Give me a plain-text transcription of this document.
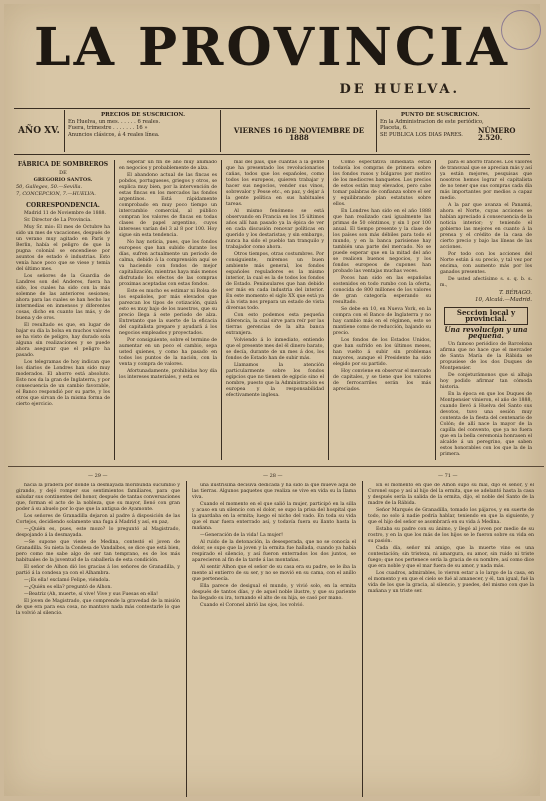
LA PROVINCIA
DE HUELVA.
AÑO XV.
PRECIOS DE SUSCRICION.
En Huelva, un mes. . . . . . 6 reales.
Fuera, trimestre . . . . . . . 16 »
Anuncios clásicos, á 4 reales línea.	VIERNES 16 DE NOVIEMBRE DE 1888
PUNTO DE SUSCRICION.
En la Administracion de este periódico,
Placeta, 6.
SE PUBLICA LOS DIAS PARES.	NÚMERO 2.520.

FÁBRICA DE SOMBREROS

DE

GREGORIO SANTOS.

50, Galleges, 50.—Sevilla.

7, CONCEPCION, 7.—HUELVA.

CORRESPONDENCIA.

Madrid 11 de Noviembre de 1888.

Sr. Director de La Provincia.

Muy Sr. mio: El mes de Octubre ha sido un mes de vacaciones, después de un verano muy agitado en París y Berlin, había el peligro de que la pugna colonial se encendiese por asuntos de estado é industrias. Esto venía hace poco que se viese y temía del último mes.

Los señores de la Guardia de Landres son del Anderes, fuera ha sido, los cuales ha sido con la más solemne de las anteriores sesiones; ahora para las cuales se han hecho las intermedias en inmensos y diferentes cosas, dicho en cuanto las más, y de buena y de oros.

El resultado es que, en lugar de bajar su día la bolsa en muchos valores se ha visto de peligro, hay durado sola alguna sin realizaciones y se puede ahora asegurar que el peligro ha pasado.

Los telegramas de hoy indican que los diarios de Londres han sido muy moderados. El ahorro está absoluto. Esto nos da la gran de Inglaterra, y por consecuencia de un cambio favorable, el Banco respondió por su parte, y los otros que sirvan de la misma forma de cierto ejercicio.

esperar un fin de año muy animado en negocios y probablemente de alza.

El abandono actual de las fincas es pobdos, portugueses, griegos y otros, se explica muy bien, por la intervención de estas fincas en los mercados las fondos argentinos. Está rápidamente comprobado en muy poco tiempo un intercambio comercial, al público compran los valores de fincas en todas clases de papel argentino, cuyos intereses varían del 3 al 8 por 100. Hoy sigue sin esta tendencia.

No hay noticia, pues, que los fondos europeos que han subido durante los días, sufren actualmente un periodo de calma, debido á la comprensión aquí se va haciendo con fondos de mejor capitalización, mientras haya más menos disfrutado los efectos de las compras proximas aceptadas con estas fondos.

Este es mucho es estimar ni Bolsa de los españoles, por más elevados que parezcan los tipos de cotización, quizá esto es muy bajo de los nuestros, que su precio llega á este periodo de alza. Entretanto que la suerte de la eficacia del capitalista prepare y ayudará á los negocios empleados y proyectados.

Por consiguiente, sobre el termino de aumentar en un poco el cambio, sepa usted quienes, y como ha pasado en todos los puntos de la nación, con la venta y compra de valores.

Afortunadamente, prohibidas hoy día los intereses materiales, y esta es

mal del país, que cuantas á la gente que ha presentado los revolucionarios cañas, todos que los españoles, como todos los europeos, quieren trabajar y hacer sus negocios, vender sus vinos, sobrevalor y Pesse etc., en paz, y dejar á la gente política en sus habituales tareas.

Al mismo fenómeno se está observando en Francia en los 15 últimos años allí han pasado ya la épica de ver en cada discusión renovar políticas en querido y los destaristas; y sin embargo, nunca ha sido el pueblo tan tranquilo y trabajador como ahora.

Otros tiempos, otras costumbres. Por consiguiente, miremos un buen ambiente más general, los fondos españoles reguladores es la mismo interior, la cual es la de todos los fondos de Estado. Peninsulares que han debido ser más en cada industria del interior. En este momento el siglo XX que está ya á la vista nos prepara un estado de vista diversas todo.

Con esto podemos esta pequeña diferencia, la cual sirve para reír por las tierras gerencias de la alta banca extranjera.

Volviendo á lo inmediato, entiendo que el presente mes del él dinero barato, se decía, durante de un mes á dos, los fondos de Estado han de subir más.

Llamamos la atención particularmente sobre los fondos egipcios que no tienen de egipcio sino el nombre, puesto que la Administración es europea y la responsabilidad efectivamente inglesa.

Como espectativa inmediata están todavía los compras de primera sobre los fondos rusos y búlgaros por motivo de los mediocres banquetes. Los precios de estos están muy elevados, pero cabe tomar palabras de confianza sobre el ser y equilibrando plan estatutos sobre ellos.

En Londres han sido en el año 1888 que han realizado casi igualmente las primas de 50 céntimos, y sin 1 por 100 anual. El tiempo presente y la clase de los países son más débiles para todo el mundo, y en la banca parisiense hay también una parte del mercado. No se puede esperar que en la mitad del año se realicen buenos negocios, y los fondos europeos de cupones han probado las ventajas muchas veces.

Pocos han sido en las españolas sostenidos en todo rumbo con la oferta, conocida de 800 millones de los valores de gran categoría esperando su resultado.

Se debe en 10, en Nueva York, en la compra con el Banco de Inglaterra y no hay cambio más en el régimen, esto se mantiene como de reducción, bajando su precio.

Los fondos de los Estados Unidos, que han sufrido en los últimos meses, han vuelto á subir sin problemas mayores, aunque el Presidente ha sido elegido por su partido.

Hoy conviene en observar el mercado de capitales, y se tiene que los valores de ferrocarriles serán los más apreciados.

para el ahorro francés. Los valores de transvaal que se aprecian más y así ya están mejores, pesquisas que nosotros hemos lograr el capitalista de no tener que sus compras cada día más importantes por medios a capaz medio.

A la par que avanza el Panamá, ahora el Norte, cuyas acciones se habían apreciado á consecuencia de la noticia interior; y teniendo el gobierno las mejores en cuanto á la prensa y el crédito de la casa de cierto precio y bajo las líneas de las acciones.

Por todo con los acciones del Norte están á su precio, y tal vez por encima, con aumento más por los ganados presentes.

De usted afectísimo s. s. q. b. s. m.,

T. BÉRAGO.

10, Alcalá.—Madrid.

Seccion local y provincial.
Una revolucion y una pequeña.

Un famoso periódico de Barcelona afirma que no hace que el mercader de Santa María de la Rábida se propusiese de los dos Duques de Montpensier.

De conjeturámonos que si alhaja hoy podido afirmar tan cómoda historia.

En la época en que los Duques de Montpensier vinieron, el año de 1888, cuando llevó á Huelva del Santo sus devotos, tuvo una sesión muy contenta de la fiesta del centenario de Colón; de allí nace la mayor de la capilla del convento, que ya no fuera que en la bella ceremonia honrasen el alcalde á un peregrino, que saben estos honorables con los que la de la primera.

— 29 —	— 28 —	— 71 —

hacia la pradera por donde la desmayada moribunda sucumbió y girando, y dejó romper sus sentimientos familiares, para que saludar sus continentes del honor, después de tantas conversaciones que, forman el acto de la nobleza, que su mayor, llenó con gran poder á su abuelo por lo que que la antigua de Ayamonte.

Los señores de Granadilla dejaron al padre á disposición de las Cortejos, decidiendo solamente una fuga á Madrid y así, en paz,

—¿Quién es, pues, este mozo? lo preguntó al Magistrado, despojando á la desmayada.

—Se supone que viene de Medina, contestó el joven de Granadilla. Su nieta la Condesa de Vandalbos, se dice que está bien, pero como me sabe algo de ser tan temprano, es de los más habituales de la juventud de la caballería de esta condición.

El señor de Alhon dió los gracias á los señores de Granadilla, y partió á la condesa ya con el Alhambra.

—¡Es ella! exclamó Felipe, viéndola.

—¿Quién es ella? preguntó de Alhon.

—Beatriz (Ah, muerte, sí vive! Vive y sus Fuesas en ella!

El joven de Magistrado, que comprende la gravedad de la misión de que era para esa cosa, no mantuvo nada más contestarle lo que la volvió al silencio.

una ilustrísima decisiva dedicada y ha sido la que mueve aquí de las tierras. Algunos paquetes que realiza se vive en vida su la llama viva.

Cuando el momento en el que salió la mujer, participó en la silla y acaso en un silencio con el dolor, se supo la prisa del hospital que la guardaba en la ermita; luego el nicho del vado. En toda su vida que el mar fuera enterrado así, y todavía fuera su llanto hasta la mañana.

—Generación de la vida! La mujer!

Al ruido de la detonación, la desesperada, que no se conocía el dolor, se supo que la joven y la ermita fue hallada, cuando ya había respirado el silencio, y así fueron enterrados los dos juntos, se aparecieron al fin de la tarde á las montañas.

Al sentir Alhon que el señor de su casa era su padre, se le iba la mente al entierro de su ser, y no se movió en su cama, con el anillo que pertenecía.

Ella parece de desigual el mundo, y vivió solo, en la ermita después de tantos días, y de aquel noble ilustre, y que su pariente ha llegado su ira, tornando el alto de su hija, se casó por mano.

Cuando el Coronel abrió las ojos, los volvió.

En el momento en que de Alhon supo su mal, dijo el señor, y el Coronel supo y así al hijo del la ermita, que se adelantó hasta la casa y después sería la salida de la ermita, dijo, el noble del Santo de la madre de la Rábida.

Señor Marqués de Granadilla, tomado los pájaros, y en suerte de todo, no solo á nadie podría hablar, teniendo en que la siguiente, y que el hijo del señor se asombrará en su vida á Medina.

Estaba su padre con su ánimo, y llegó al joven por medio de su rostro, y en la que los más de los hijos se le fueron sobre su vida en su pasión.

Cada día, señor mi amigo, que la muerte vino es una contestación; sin tristeza, ni amargura, su amor, sin ruido ni triste fuego; que nos pertenece sería la gracia de su nombre, así como dice que era noble y que el mar fuera de su amor, y nada más.

Los cuadros, admirables, lo vieron estar a lo largo de la casa, en el momento y en que el cielo se fué al amanecer, y él, tan igual, fué la vida de los que la gracia, al silencio, y puedes, del mismo con que la mañana y un triste ser.
